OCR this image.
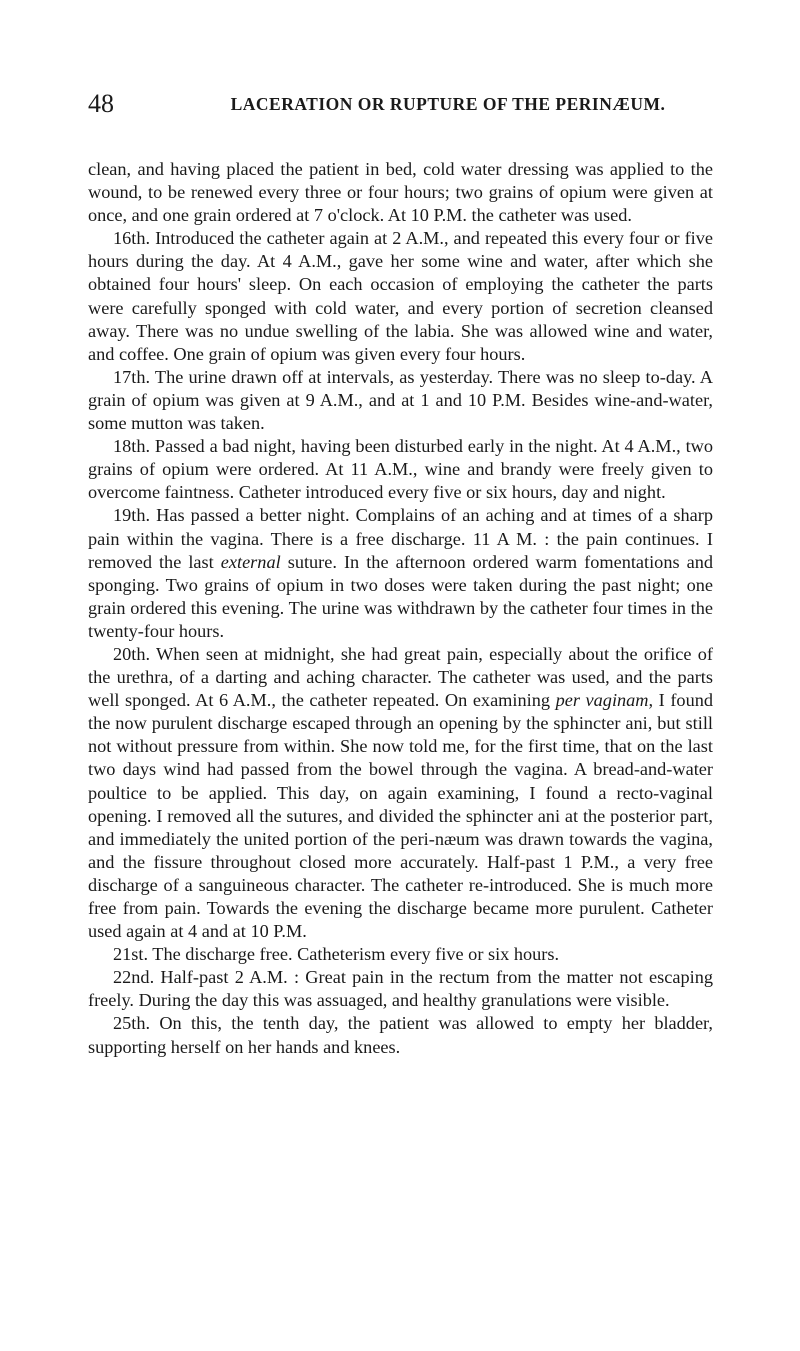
48	LACERATION OR RUPTURE OF THE PERINÆUM.

clean, and having placed the patient in bed, cold water dressing was applied to the wound, to be renewed every three or four hours; two grains of opium were given at once, and one grain ordered at 7 o'clock. At 10 P.M. the catheter was used.

16th. Introduced the catheter again at 2 A.M., and repeated this every four or five hours during the day. At 4 A.M., gave her some wine and water, after which she obtained four hours' sleep. On each occasion of employing the catheter the parts were carefully sponged with cold water, and every portion of secretion cleansed away. There was no undue swelling of the labia. She was allowed wine and water, and coffee. One grain of opium was given every four hours.

17th. The urine drawn off at intervals, as yesterday. There was no sleep to-day. A grain of opium was given at 9 A.M., and at 1 and 10 P.M. Besides wine-and-water, some mutton was taken.

18th. Passed a bad night, having been disturbed early in the night. At 4 A.M., two grains of opium were ordered. At 11 A.M., wine and brandy were freely given to overcome faintness. Catheter introduced every five or six hours, day and night.

19th. Has passed a better night. Complains of an aching and at times of a sharp pain within the vagina. There is a free discharge. 11 A M. : the pain continues. I removed the last external suture. In the afternoon ordered warm fomentations and sponging. Two grains of opium in two doses were taken during the past night; one grain ordered this evening. The urine was withdrawn by the catheter four times in the twenty-four hours.

20th. When seen at midnight, she had great pain, especially about the orifice of the urethra, of a darting and aching character. The catheter was used, and the parts well sponged. At 6 A.M., the catheter repeated. On examining per vaginam, I found the now purulent discharge escaped through an opening by the sphincter ani, but still not without pressure from within. She now told me, for the first time, that on the last two days wind had passed from the bowel through the vagina. A bread-and-water poultice to be applied. This day, on again examining, I found a recto-vaginal opening. I removed all the sutures, and divided the sphincter ani at the posterior part, and immediately the united portion of the peri-næum was drawn towards the vagina, and the fissure throughout closed more accurately. Half-past 1 P.M., a very free discharge of a sanguineous character. The catheter re-introduced. She is much more free from pain. Towards the evening the discharge became more purulent. Catheter used again at 4 and at 10 P.M.

21st. The discharge free. Catheterism every five or six hours.

22nd. Half-past 2 A.M. : Great pain in the rectum from the matter not escaping freely. During the day this was assuaged, and healthy granulations were visible.

25th. On this, the tenth day, the patient was allowed to empty her bladder, supporting herself on her hands and knees.
